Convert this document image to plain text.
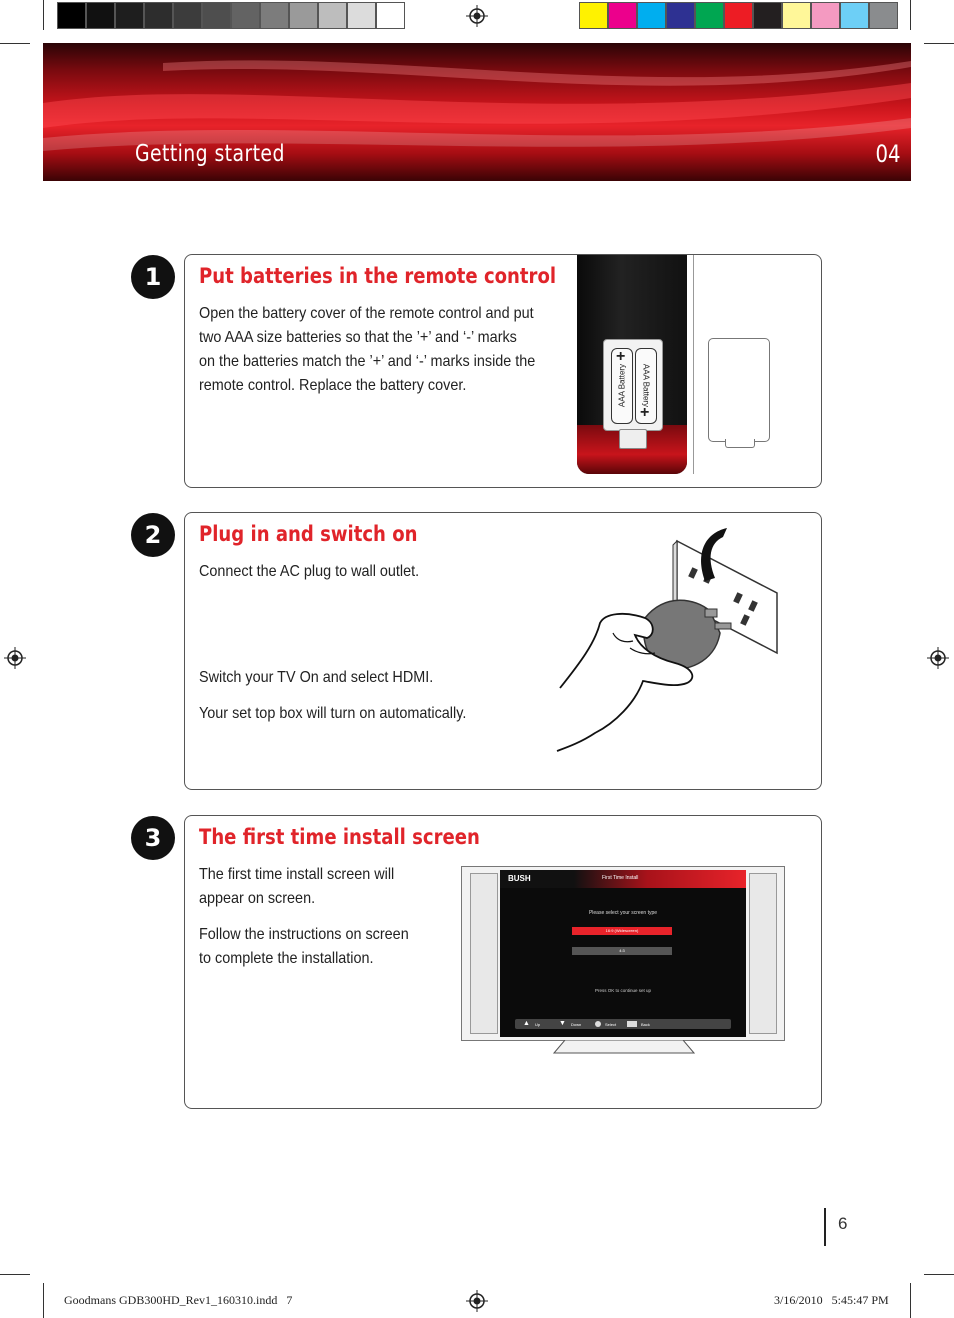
Getting started	04
1	Put batteries in the remote control
Open the battery cover of the remote control and put
two AAA size batteries so that the ’+’ and ‘-’ marks
on the batteries match the ’+’ and ‘-’ marks inside the
remote control. Replace the battery cover.
+
AAA Battery
+
AAA Battery
2	Plug in and switch on
Connect the AC plug to wall outlet.
Switch your TV On and select HDMI.
Your set top box will turn on automatically.
3	The first time install screen
The first time install screen will
appear on screen.
Follow the instructions on screen
to complete the installation.
BUSH	First Time Install
Please select your screen type
16:9 (Widescreen)
4:3
Press OK to continue set up
▲ Up	▼ Down	Select	Back
6
Goodmans GDB300HD_Rev1_160310.indd   7	3/16/2010   5:45:47 PM
